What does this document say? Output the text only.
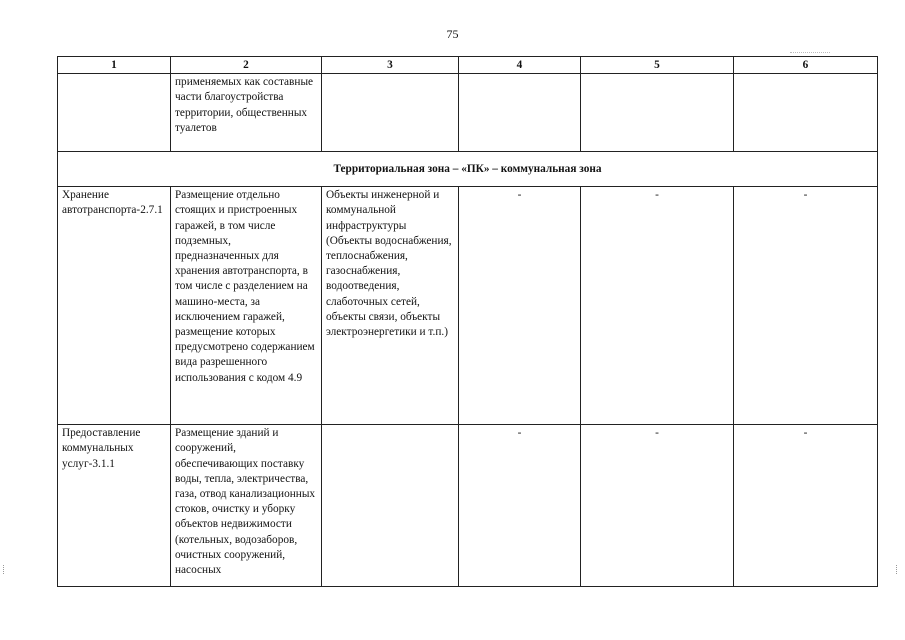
75
1	2	3	4	5	6
	применяемых как составные части благоустройства территории, общественных туалетов				
Территориальная зона – «ПК» – коммунальная зона					
Хранение автотранспорта-2.7.1	Размещение отдельно стоящих и пристроенных гаражей, в том числе подземных, предназначенных для хранения автотранспорта, в том числе с разделением на машино-места, за исключением гаражей, размещение которых предусмотрено содержанием вида разрешенного использования с кодом 4.9	Объекты инженерной и коммунальной инфраструктуры (Объекты водоснабжения, теплоснабжения, газоснабжения, водоотведения, слаботочных сетей, объекты связи, объекты электроэнергетики и т.п.)	-	-	-
Предоставление коммунальных услуг-3.1.1	Размещение зданий и сооружений, обеспечивающих поставку воды, тепла, электричества, газа, отвод канализационных стоков, очистку и уборку объектов недвижимости (котельных, водозаборов, очистных сооружений, насосных		-	-	-
